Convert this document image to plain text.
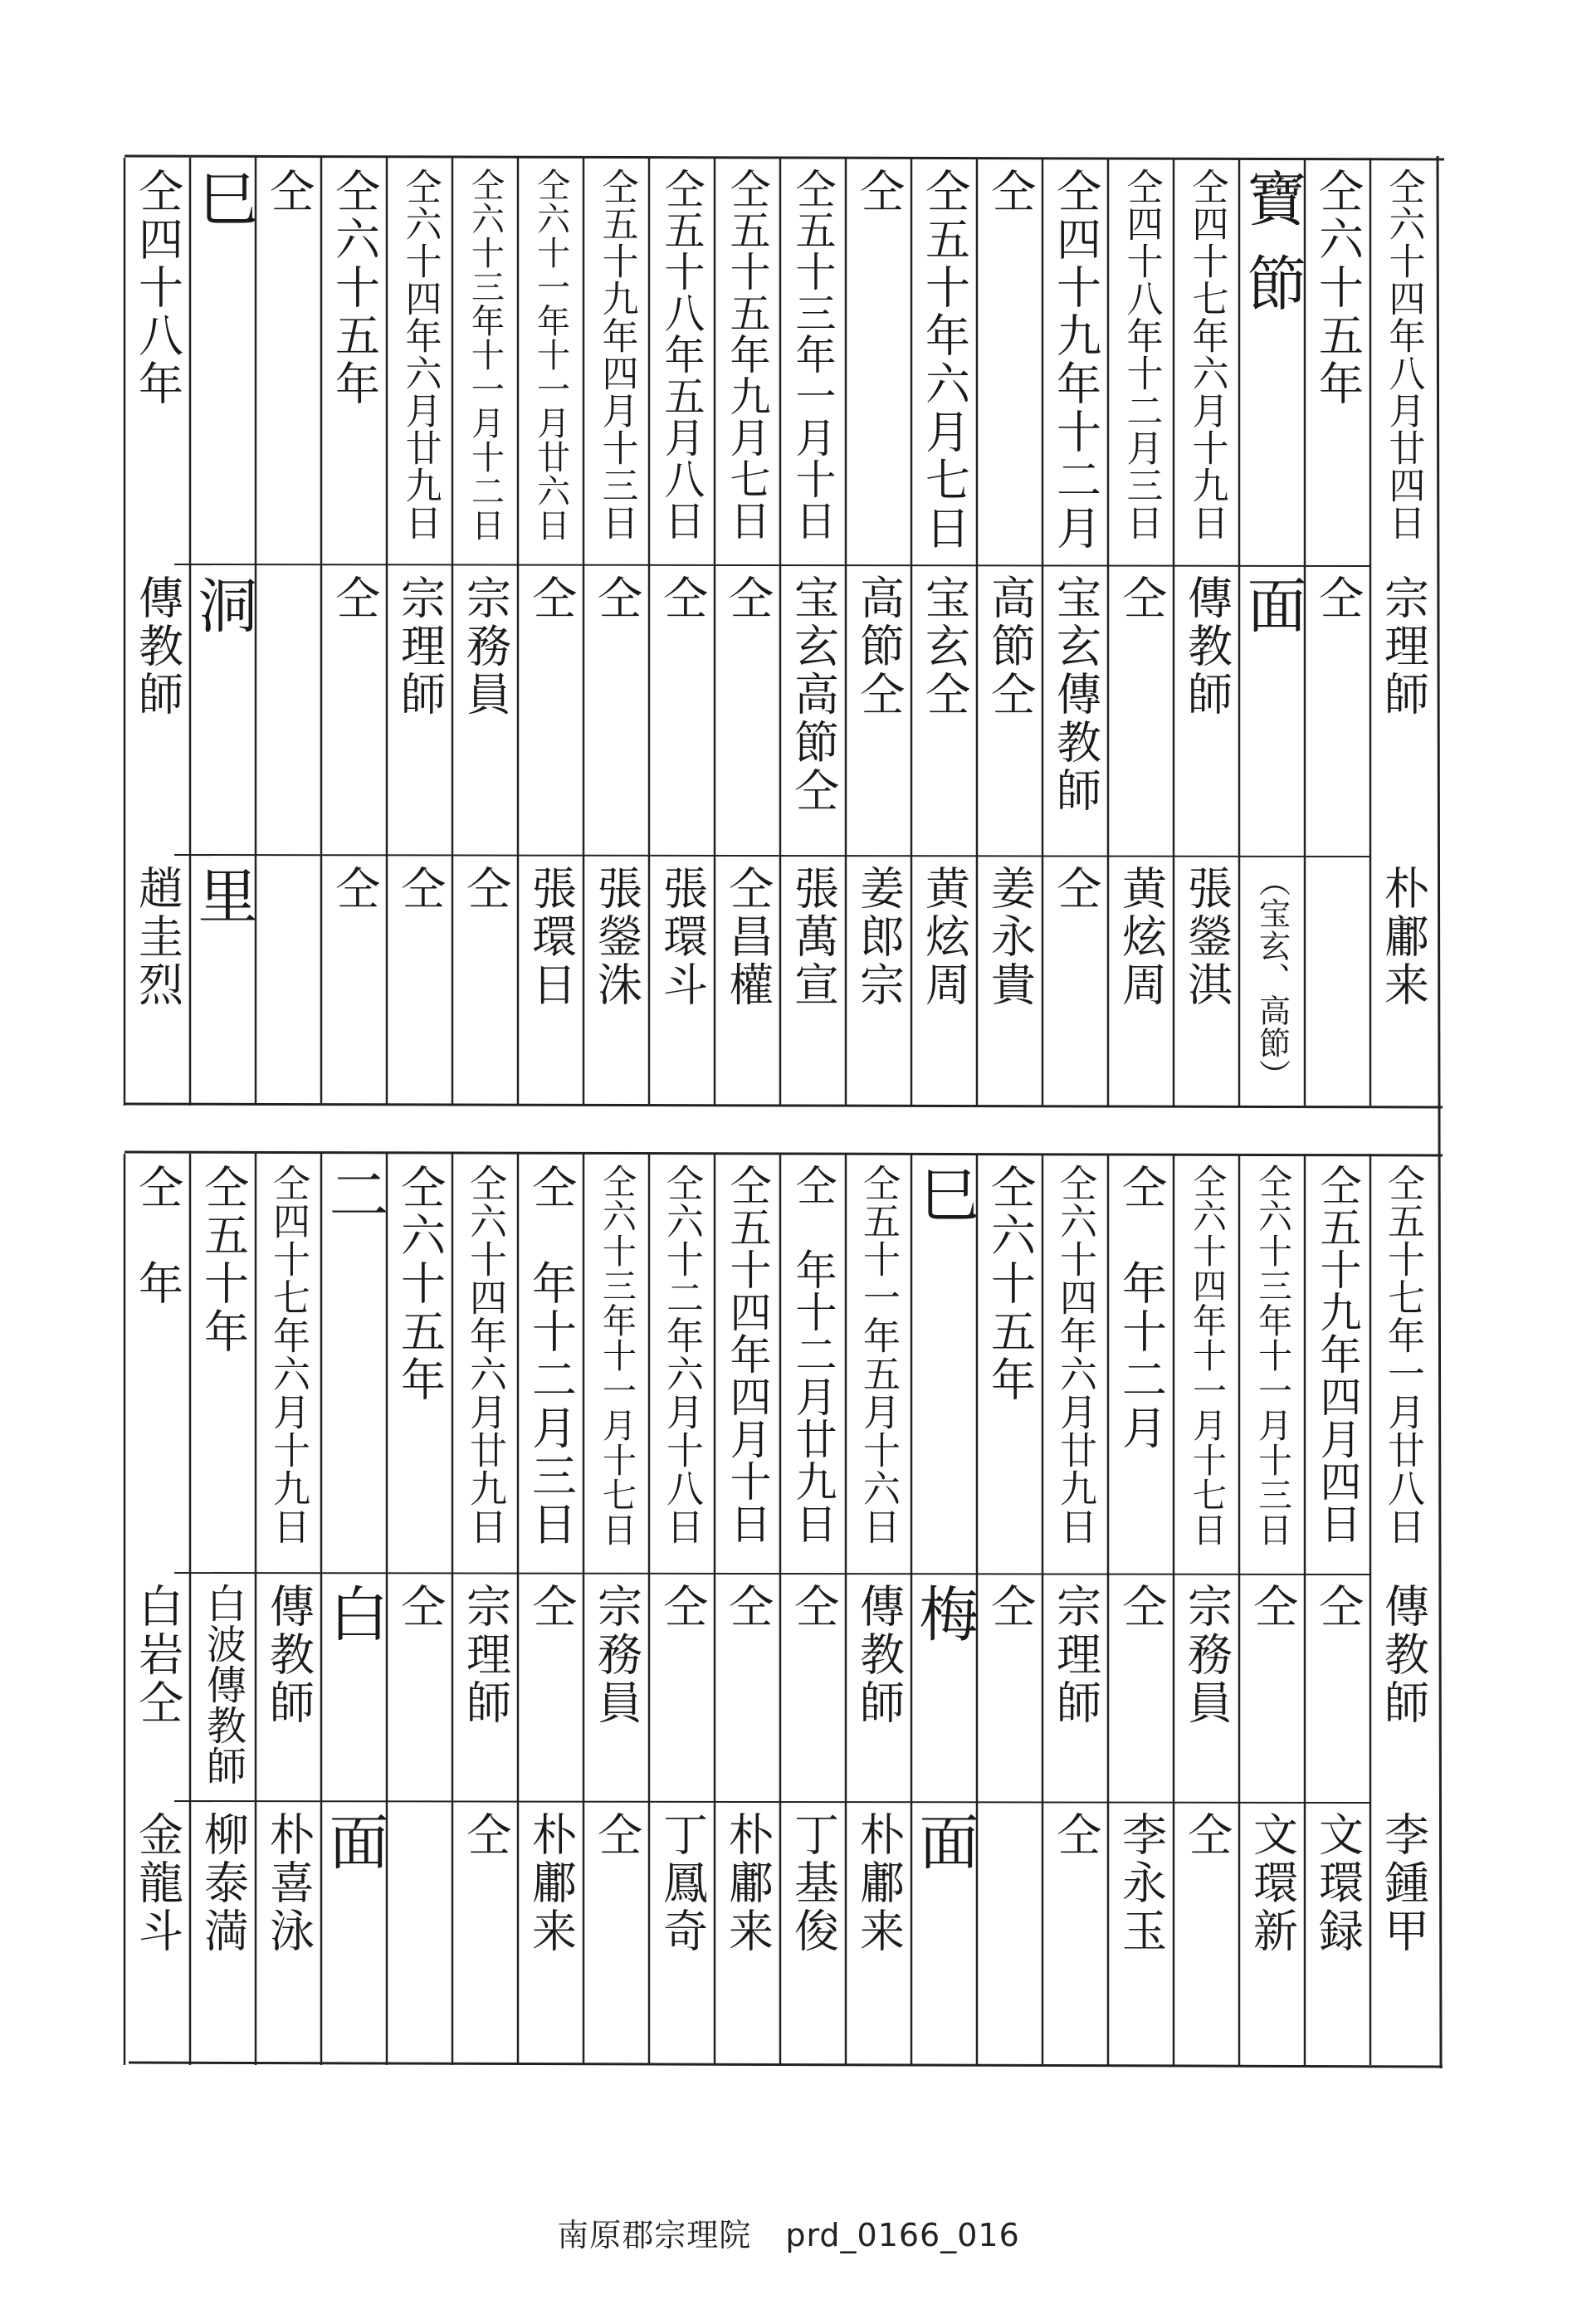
仝六十四年八月廿四日
宗理師
朴鄘来
仝六十五年
仝
寶節
面
（宝玄、高節）
仝四十七年六月十九日
傳教師
張鎣淇
仝四十八年十二月三日
仝
黄炫周
仝四十九年十二月
宝玄傳教師
仝
仝
高節仝
姜永貴
仝五十年六月七日
宝玄仝
黄炫周
仝
高節仝
姜郎宗
仝五十三年一月十日
宝玄高節仝
張萬宣
仝五十五年九月七日
仝
仝昌權
仝五十八年五月八日
仝
張環斗
仝五十九年四月十三日
仝
張鎣洙
仝六十一年十一月廿六日
仝
張環日
仝六十三年十一月十二日
宗務員
仝
仝六十四年六月廿九日
宗理師
仝
仝六十五年
仝
仝
仝
巳
洞
里
仝四十八年
傳教師
趙圭烈
仝五十七年一月廿八日
傳教師
李鍾甲
仝五十九年四月四日
仝
文環録
仝六十三年十一月十三日
仝
文環新
仝六十四年十一月十七日
宗務員
仝
仝　年十二月
仝
李永玉
仝六十四年六月廿九日
宗理師
仝
仝六十五年
仝
巳
梅
面
仝五十一年五月十六日
傳教師
朴鄘来
仝　年十二月廿九日
仝
丁基俊
仝五十四年四月十日
仝
朴鄘来
仝六十二年六月十八日
仝
丁鳳奇
仝六十三年十一月十七日
宗務員
仝
仝　年十二月三日
仝
朴鄘来
仝六十四年六月廿九日
宗理師
仝
仝六十五年
仝
二
白
面
仝四十七年六月十九日
傳教師
朴喜泳
仝五十年
白波傳教師
柳泰満
仝　年
白岩仝
金龍斗
南原郡宗理院 prd_0166_016
